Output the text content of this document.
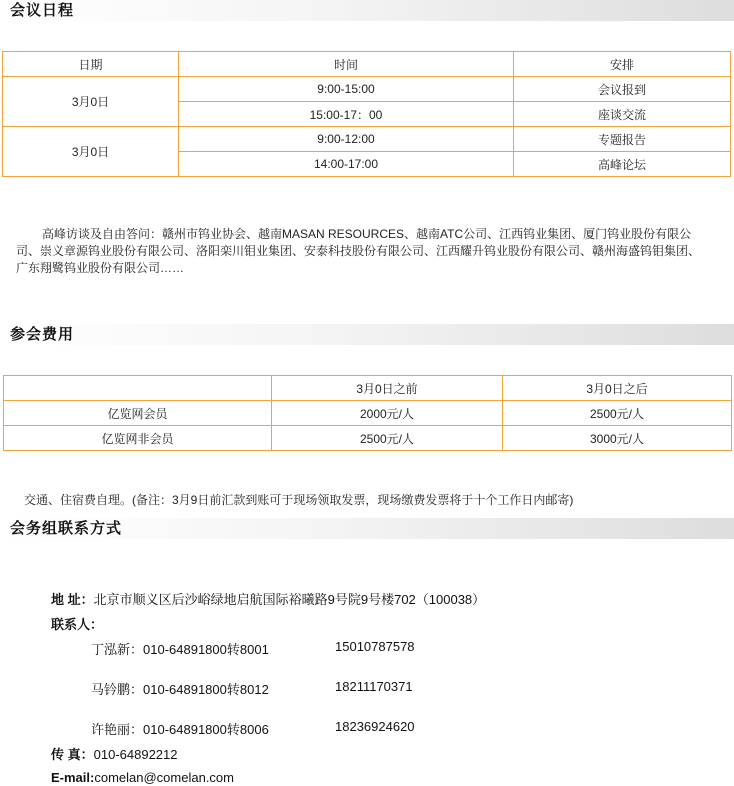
会议日程
日期	时间	安排
3月0日	9:00-15:00	会议报到
	15:00-17：00	座谈交流
3月0日	9:00-12:00	专题报告
	14:00-17:00	高峰论坛
高峰访谈及自由答问：赣州市钨业协会、越南MASAN RESOURCES、越南ATC公司、江西钨业集团、厦门钨业股份有限公司、崇义章源钨业股份有限公司、洛阳栾川钼业集团、安泰科技股份有限公司、江西耀升钨业股份有限公司、赣州海盛钨钼集团、广东翔鹭钨业股份有限公司……
参会费用
	3月0日之前	3月0日之后
亿览网会员	2000元/人	2500元/人
亿览网非会员	2500元/人	3000元/人
交通、住宿费自理。(备注：3月9日前汇款到账可于现场领取发票，现场缴费发票将于十个工作日内邮寄)
会务组联系方式
地 址：北京市顺义区后沙峪绿地启航国际裕曦路9号院9号楼702（100038）
联系人：
丁泓新：010-64891800转8001	15010787578
马钤鹏：010-64891800转8012	18211170371
许艳丽：010-64891800转8006	18236924620
传 真：010-64892212
E-mail:comelan@comelan.com
